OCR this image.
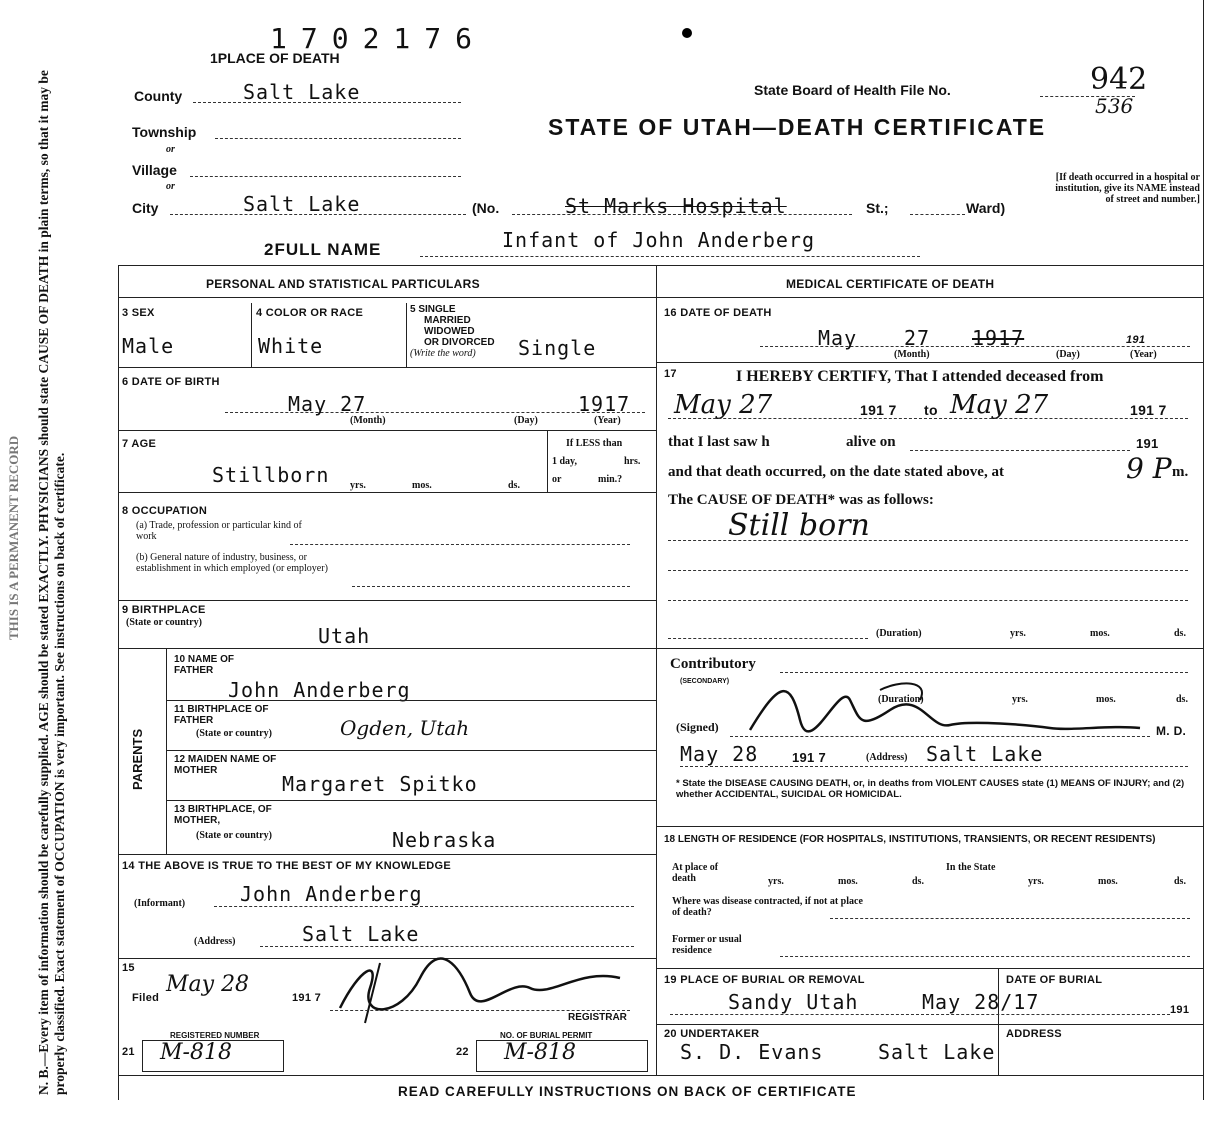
N. B.—Every item of information should be carefully supplied. AGE should be stated EXACTLY. PHYSICIANS should state CAUSE OF DEATH in plain terms, so that it may be properly classified. Exact statement of OCCUPATION is very important. See instructions on back of certificate.
THIS IS A PERMANENT RECORD
1702176
1PLACE OF DEATH
State Board of Health File No.	942
536
STATE OF UTAH—DEATH CERTIFICATE
[If death occurred in a hospital or institution, give its NAME instead of street and number.]
County	Salt Lake
Township
or
Village
or
City	Salt Lake	(No.	St Marks Hospital	St.;	Ward)
2FULL NAME	Infant of John Anderberg
PERSONAL AND STATISTICAL PARTICULARS	MEDICAL CERTIFICATE OF DEATH
3 SEX
Male
4 COLOR OR RACE
White
5 SINGLE
MARRIED
WIDOWED
OR DIVORCED
(Write the word)	Single
6 DATE OF BIRTH
May 27	1917
(Month)	(Day)	(Year)
7 AGE
Stillborn yrs.	mos.	ds.
If LESS than
1 day,	hrs.
or	min.?
8 OCCUPATION
(a) Trade, profession or particular kind of work
(b) General nature of industry, business, or establishment in which employed (or employer)
9 BIRTHPLACE
(State or country)
Utah
PARENTS
10 NAME OF FATHER
John Anderberg
11 BIRTHPLACE OF FATHER
(State or country)	Ogden, Utah
12 MAIDEN NAME OF MOTHER
Margaret Spitko
13 BIRTHPLACE, OF MOTHER,
(State or country)	Nebraska
14 THE ABOVE IS TRUE TO THE BEST OF MY KNOWLEDGE
(Informant)	John Anderberg
(Address)	Salt Lake
15
Filed
May 28
191 7
REGISTRAR
REGISTERED NUMBER
21 M-818
NO. OF BURIAL PERMIT
22 M-818
16 DATE OF DEATH
May 27 1917	191
(Month)	(Day)	(Year)
17	I HEREBY CERTIFY, That I attended deceased from
May 27	191 7 to May 27	191 7
that I last saw h	alive on	191
and that death occurred, on the date stated above, at	9 P m.
The CAUSE OF DEATH* was as follows:
Still born
(Duration)	yrs.	mos.	ds.
Contributory
(SECONDARY)
(Duration)	yrs.	mos.	ds.
(Signed)	M. D.
May 28	191 7	(Address) Salt Lake
* State the DISEASE CAUSING DEATH, or, in deaths from VIOLENT CAUSES state (1) MEANS OF INJURY; and (2) whether ACCIDENTAL, SUICIDAL OR HOMICIDAL.
18 LENGTH OF RESIDENCE (FOR HOSPITALS, INSTITUTIONS, TRANSIENTS, OR RECENT RESIDENTS)
At place of death	yrs.	mos.	ds.
In the State
yrs.	mos.	ds.
Where was disease contracted, if not at place of death?
Former or usual residence
19 PLACE OF BURIAL OR REMOVAL	DATE OF BURIAL
Sandy Utah	May 28/17	191
20 UNDERTAKER	ADDRESS
S. D. Evans	Salt Lake
READ CAREFULLY INSTRUCTIONS ON BACK OF CERTIFICATE
